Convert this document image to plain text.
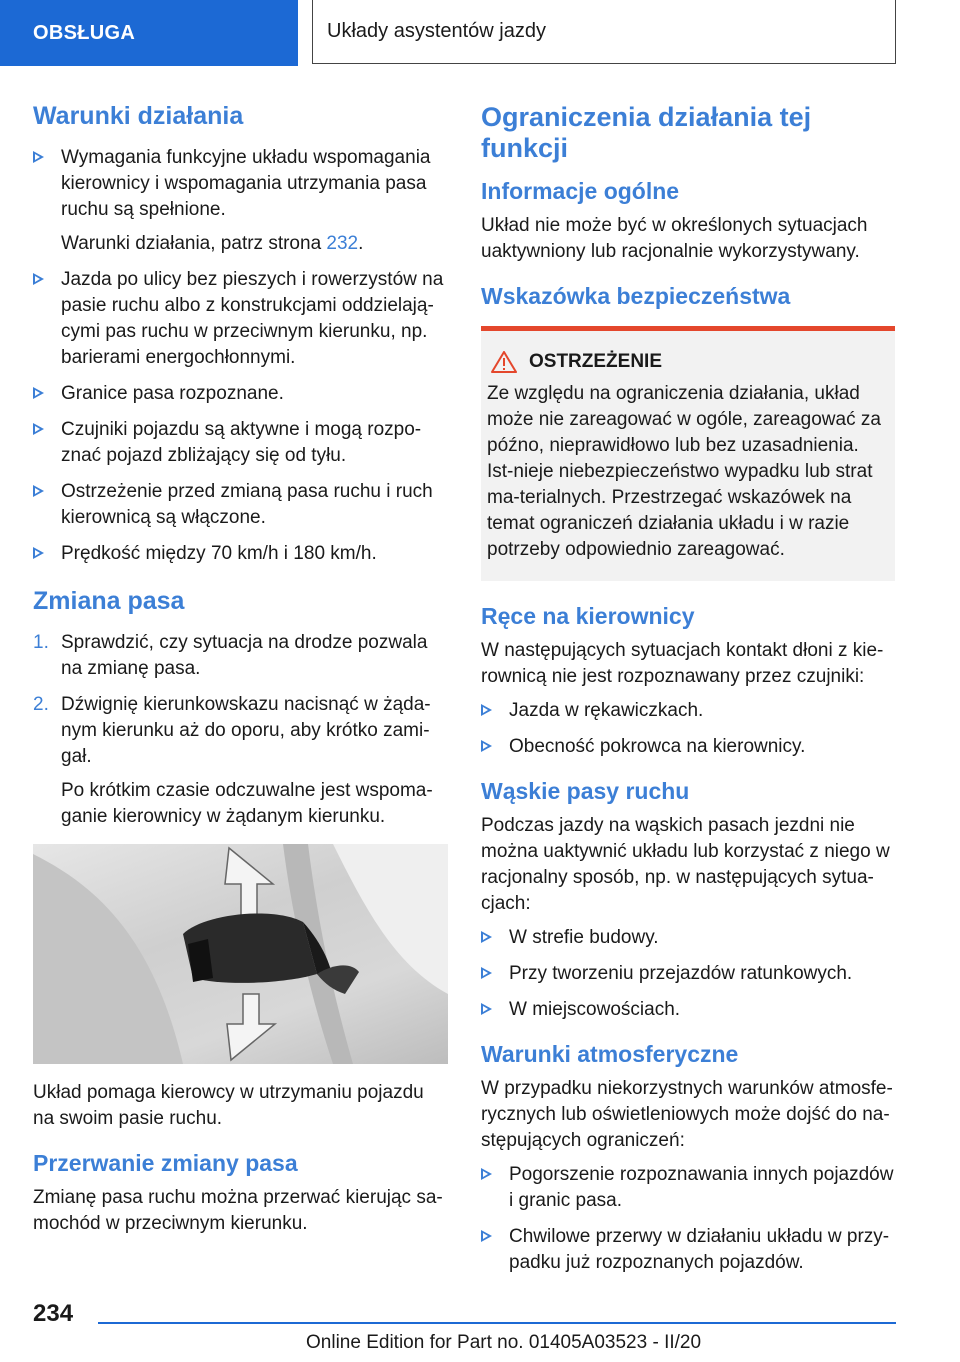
OBSŁUGA	Układy asystentów jazdy
Warunki działania
Wymagania funkcyjne układu wspomagania kierownicy i wspomagania utrzymania pasa ruchu są spełnione.
Warunki działania, patrz strona 232.
Jazda po ulicy bez pieszych i rowerzystów na pasie ruchu albo z konstrukcjami oddzielają-cymi pas ruchu w przeciwnym kierunku, np. barierami energochłonnymi.
Granice pasa rozpoznane.
Czujniki pojazdu są aktywne i mogą rozpo-znać pojazd zbliżający się od tyłu.
Ostrzeżenie przed zmianą pasa ruchu i ruch kierownicą są włączone.
Prędkość między 70 km/h i 180 km/h.
Zmiana pasa
1. Sprawdzić, czy sytuacja na drodze pozwala na zmianę pasa.
2. Dźwignię kierunkowskazu nacisnąć w żąda-nym kierunku aż do oporu, aby krótko zami-gał.
Po krótkim czasie odczuwalne jest wspoma-ganie kierownicy w żądanym kierunku.

Układ pomaga kierowcy w utrzymaniu pojazdu na swoim pasie ruchu.

Przerwanie zmiany pasa

Zmianę pasa ruchu można przerwać kierując sa-mochód w przeciwnym kierunku.

Ograniczenia działania tej funkcji
Informacje ogólne

Układ nie może być w określonych sytuacjach uaktywniony lub racjonalnie wykorzystywany.

Wskazówka bezpieczeństwa
OSTRZEŻENIE

Ze względu na ograniczenia działania, układ może nie zareagować w ogóle, zareagować za późno, nieprawidłowo lub bez uzasadnienia. Ist-nieje niebezpieczeństwo wypadku lub strat ma-terialnych. Przestrzegać wskazówek na temat ograniczeń działania układu i w razie potrzeby odpowiednio zareagować.

Ręce na kierownicy

W następujących sytuacjach kontakt dłoni z kie-rownicą nie jest rozpoznawany przez czujniki:

Jazda w rękawiczkach.
Obecność pokrowca na kierownicy.
Wąskie pasy ruchu

Podczas jazdy na wąskich pasach jezdni nie można uaktywnić układu lub korzystać z niego w racjonalny sposób, np. w następujących sytua-cjach:

W strefie budowy.
Przy tworzeniu przejazdów ratunkowych.
W miejscowościach.
Warunki atmosferyczne

W przypadku niekorzystnych warunków atmosfe-rycznych lub oświetleniowych może dojść do na-stępujących ograniczeń:

Pogorszenie rozpoznawania innych pojazdów i granic pasa.
Chwilowe przerwy w działaniu układu w przy-padku już rozpoznanych pojazdów.
234
Online Edition for Part no. 01405A03523 - II/20
